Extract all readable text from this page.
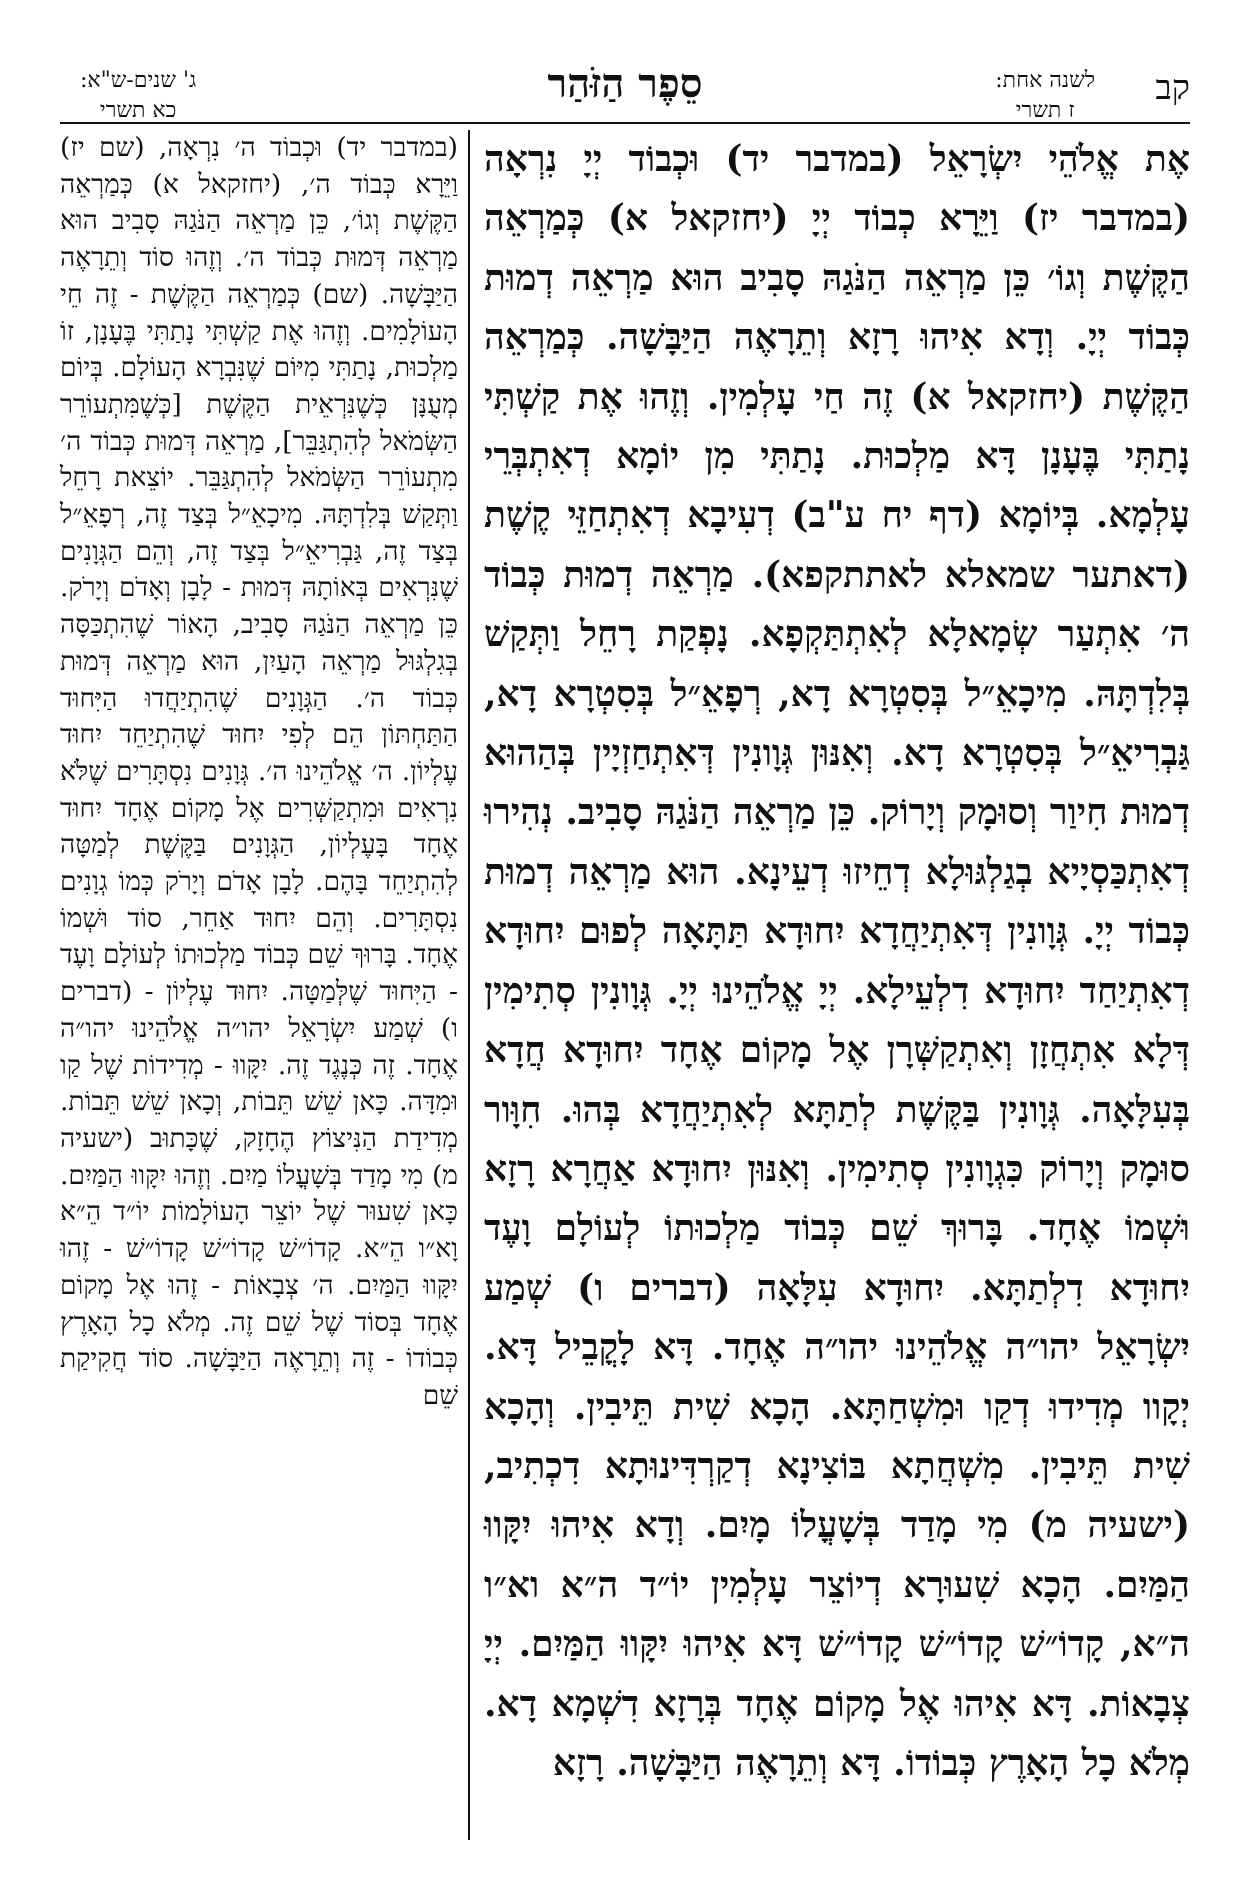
קב
לשנה אחת:
ז תשרי
סֵפֶר הַזֹּהַר
ג' שנים-ש"א:
כא תשרי

אֶת אֱלֹהֵי יִשְׂרָאֵל (במדבר יד) וּכְבוֹד יְיָ נִרְאָה (במדבר יז) וַיֵּרָא כְבוֹד יְיָ (יחזקאל א) כְּמַרְאֵה הַקֶּשֶׁת וְגוֹ׳ כֵּן מַרְאֵה הַנֹּגַהּ סָבִיב הוּא מַרְאֵה דְמוּת כְּבוֹד יְיָ. וְדָא אִיהוּ רָזָא וְתֵרָאֶה הַיַּבָּשָׁה. כְּמַרְאֵה הַקֶּשֶׁת (יחזקאל א) זֶה חַי עָלְמִין. וְזֶהוּ אֶת קַשְׁתִּי נָתַתִּי בֶּעָנָן דָּא מַלְכוּת. נָתַתִּי מִן יוֹמָא דְאִתְבְּרֵי עָלְמָא. בְּיוֹמָא (דף יח ע"ב) דְעִיבָא דְאִתְחַזֵּי קֶשֶׁת (דאתער שמאלא לאתתקפא). מַרְאֵה דְמוּת כְּבוֹד ה׳ אִתְעַר שְׂמָאלָא לְאִתְתַּקְפָא. נָפְקַת רָחֵל וַתְּקַשׁ בְּלִדְתָּהּ. מִיכָאֵ״ל בְּסִטְרָא דָא, רְפָאֵ״ל בְּסִטְרָא דָא, גַּבְרִיאֵ״ל בְּסִטְרָא דָא. וְאִנּוּן גְּוָונִין דְּאִתְחַזְיָין בְּהַהוּא דְמוּת חִיוַר וְסוּמָק וְיָרוֹק. כֵּן מַרְאֵה הַנֹּגַהּ סָבִיב. נְהִירוּ דְאִתְכַּסְיָיא בְגַלְגּוּלָא דְחֵיזוּ דְעֵינָא. הוּא מַרְאֵה דְמוּת כְּבוֹד יְיָ. גְּוָונִין דְּאִתְיַחֲדָא יִחוּדָא תַּתָּאָה לְפוּם יִחוּדָא דְאִתְיַחַד יִחוּדָא דִלְעֵילָא. יְיָ אֱלֹהֵינוּ יְיָ. גְּוָונִין סְתִימִין דְּלָא אִתְחֲזָן וְאִתְקַשְּׁרָן אֶל מָקוֹם אֶחָד יִחוּדָא חֲדָא בְּעִלָּאָה. גְּוָונִין בַּקֶּשֶׁת לְתַתָּא לְאִתְיַחֲדָא בְּהוּ. חִוָּור סוּמָק וְיָרוֹק כִּגְוָונִין סְתִימִין. וְאִנּוּן יִחוּדָא אַחֲרָא רָזָא וּשְׁמוֹ אֶחָד. בָּרוּךְ שֵׁם כְּבוֹד מַלְכוּתוֹ לְעוֹלָם וָעֶד יִחוּדָא דִלְתַתָּא. יִחוּדָא עִלָּאָה (דברים ו) שְׁמַע יִשְׂרָאֵל יהו״ה אֱלֹהֵינוּ יהו״ה אֶחָד. דָּא לָקֳבֵיל דָּא. יְקָוו מְדִידוּ דְקַו וּמִשְׁחַתָּא. הָכָא שִׁית תֵּיבִין. וְהָכָא שִׁית תֵּיבִין. מִשְׁחֲתָא בּוֹצִינָא דְקַרְדִּינוּתָא דִכְתִיב, (ישעיה מ) מִי מָדַד בְּשָׁעֳלוֹ מָיִם. וְדָא אִיהוּ יִקָּווּ הַמַּיִם. הָכָא שִׁעוּרָא דְיוֹצֵר עָלְמִין יוֹ״ד ה״א וא״ו ה״א, קָדוֹ״שׁ קָדוֹ״שׁ קָדוֹ״שׁ דָּא אִיהוּ יִקָּווּ הַמַּיִם. יְיָ צְבָאוֹת. דָּא אִיהוּ אֶל מָקוֹם אֶחָד בְּרָזָא דִשְׁמָא דָא. מְלֹא כָל הָאָרֶץ כְּבוֹדוֹ. דָּא וְתֵרָאֶה הַיַּבָּשָׁה. רָזָא

(במדבר יד) וּכְבוֹד ה׳ נִרְאָה, (שם יז) וַיֵּרָא כְּבוֹד ה׳, (יחזקאל א) כְּמַרְאֵה הַקֶּשֶׁת וְגוֹ׳, כֵּן מַרְאֵה הַנֹּגַהּ סָבִיב הוּא מַרְאֵה דְּמוּת כְּבוֹד ה׳. וְזֶהוּ סוֹד וְתֵרָאֶה הַיַּבָּשָׁה. (שם) כְּמַרְאֵה הַקֶּשֶׁת - זֶה חֵי הָעוֹלָמִים. וְזֶהוּ אֶת קַשְׁתִּי נָתַתִּי בֶּעָנָן, זוֹ מַלְכוּת, נָתַתִּי מִיּוֹם שֶׁנִּבְרָא הָעוֹלָם. בְּיוֹם מְעֻנָּן כְּשֶׁנִּרְאֵית הַקֶּשֶׁת [כְּשֶׁמִּתְעוֹרֵר הַשְּׂמֹאל לְהִתְגַּבֵּר], מַרְאֵה דְּמוּת כְּבוֹד ה׳ מִתְעוֹרֵר הַשְּׂמֹאל לְהִתְגַּבֵּר. יוֹצֵאת רָחֵל וַתְּקַשׁ בְּלִדְתָּהּ. מִיכָאֵ״ל בְּצַד זֶה, רְפָאֵ״ל בְּצַד זֶה, גַּבְרִיאֵ״ל בְּצַד זֶה, וְהֵם הַגְּוָנִים שֶׁנִּרְאִים בְּאוֹתָהּ דְּמוּת - לָבָן וְאָדֹם וְיָרֹק. כֵּן מַרְאֵה הַנֹּגַהּ סָבִיב, הָאוֹר שֶׁהִתְכַּסָּה בְּגִלְגּוּל מַרְאֵה הָעַיִן, הוּא מַרְאֵה דְּמוּת כְּבוֹד ה׳. הַגְּוָנִים שֶׁהִתְיַחֲדוּ הַיִּחוּד הַתַּחְתּוֹן הֵם לְפִי יִחוּד שֶׁהִתְיַחֵד יִחוּד עֶלְיוֹן. ה׳ אֱלֹהֵינוּ ה׳. גְּוָנִים נִסְתָּרִים שֶׁלֹּא נִרְאִים וּמִתְקַשְּׁרִים אֶל מָקוֹם אֶחָד יִחוּד אֶחָד בָּעֶלְיוֹן, הַגְּוָנִים בַּקֶּשֶׁת לְמַטָּה לְהִתְיַחֵד בָּהֶם. לָבָן אָדֹם וְיָרֹק כְּמוֹ גְוָנִים נִסְתָּרִים. וְהֵם יִחוּד אַחֵר, סוֹד וּשְׁמוֹ אֶחָד. בָּרוּךְ שֵׁם כְּבוֹד מַלְכוּתוֹ לְעוֹלָם וָעֶד - הַיִּחוּד שֶׁלְּמַטָּה. יִחוּד עֶלְיוֹן - (דברים ו) שְׁמַע יִשְׂרָאֵל יהו״ה אֱלֹהֵינוּ יהו״ה אֶחָד. זֶה כְּנֶגֶד זֶה. יִקָּווּ - מְדִידוֹת שֶׁל קַו וּמִדָּה. כָּאן שֵׁשׁ תֵּבוֹת, וְכָאן שֵׁשׁ תֵּבוֹת. מְדִידַת הַנִּיצוֹץ הֶחָזָק, שֶׁכָּתוּב (ישעיה מ) מִי מָדַד בְּשָׁעֳלוֹ מַיִם. וְזֶהוּ יִקָּווּ הַמַּיִם. כָּאן שִׁעוּר שֶׁל יוֹצֵר הָעוֹלָמוֹת יוֹ״ד הֵ״א וָא״ו הֵ״א. קָדוֹ״שׁ קָדוֹ״שׁ קָדוֹ״שׁ - זֶהוּ יִקָּווּ הַמַּיִם. ה׳ צְבָאוֹת - זֶהוּ אֶל מָקוֹם אֶחָד בְּסוֹד שֶׁל שֵׁם זֶה. מְלֹא כָל הָאָרֶץ כְּבוֹדוֹ - זֶה וְתֵרָאֶה הַיַּבָּשָׁה. סוֹד חֲקִיקַת שֵׁם
